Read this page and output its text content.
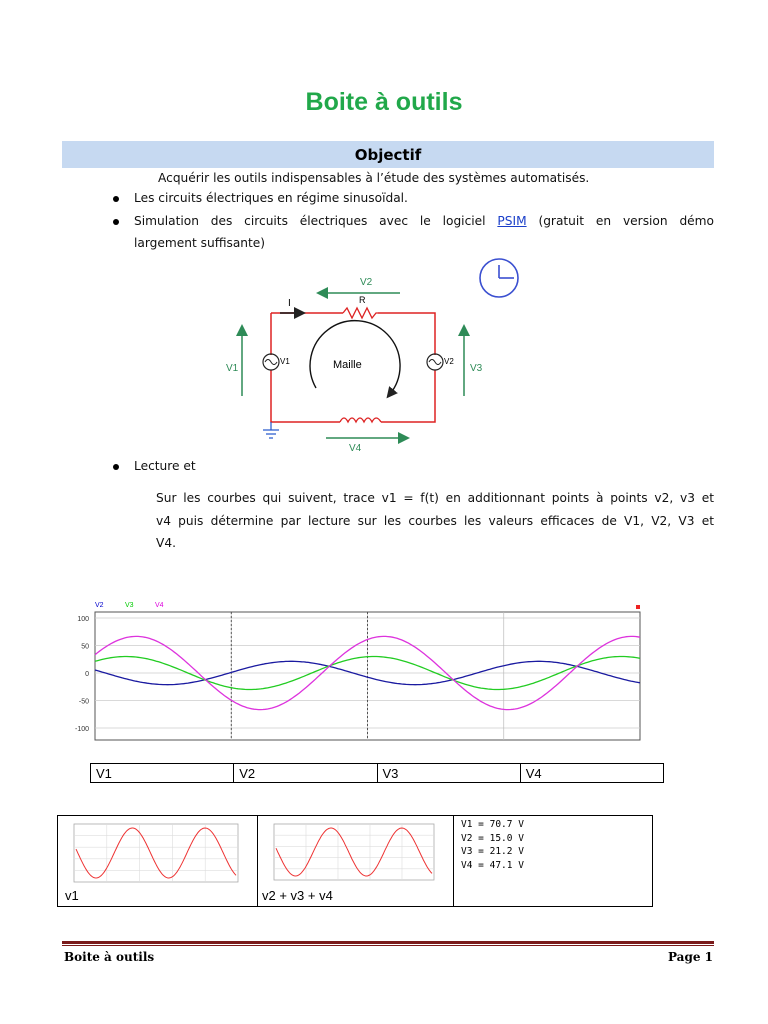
Boite à outils
Objectif
Acquérir les outils indispensables à l’étude des systèmes automatisés.
Les circuits électriques en régime sinusoïdal.
Simulation des circuits électriques avec le logiciel PSIM (gratuit en version démo
largement suffisante)
V2
I	R
V1	V2
V1	V3
V4
Maille
Lecture et
Sur les courbes qui suivent, trace v1 = f(t) en additionnant points à points v2, v3 et
v4 puis détermine par lecture sur les courbes les valeurs efficaces de V1, V2, V3 et
V4.
100
50
0
-50
-100
V2	V3	V4
V1	V2	V3	V4
v1	v2 + v3 + v4
V1 = 70.7 V
V2 = 15.0 V
V3 = 21.2 V
V4 = 47.1 V
Boite à outils	Page 1
